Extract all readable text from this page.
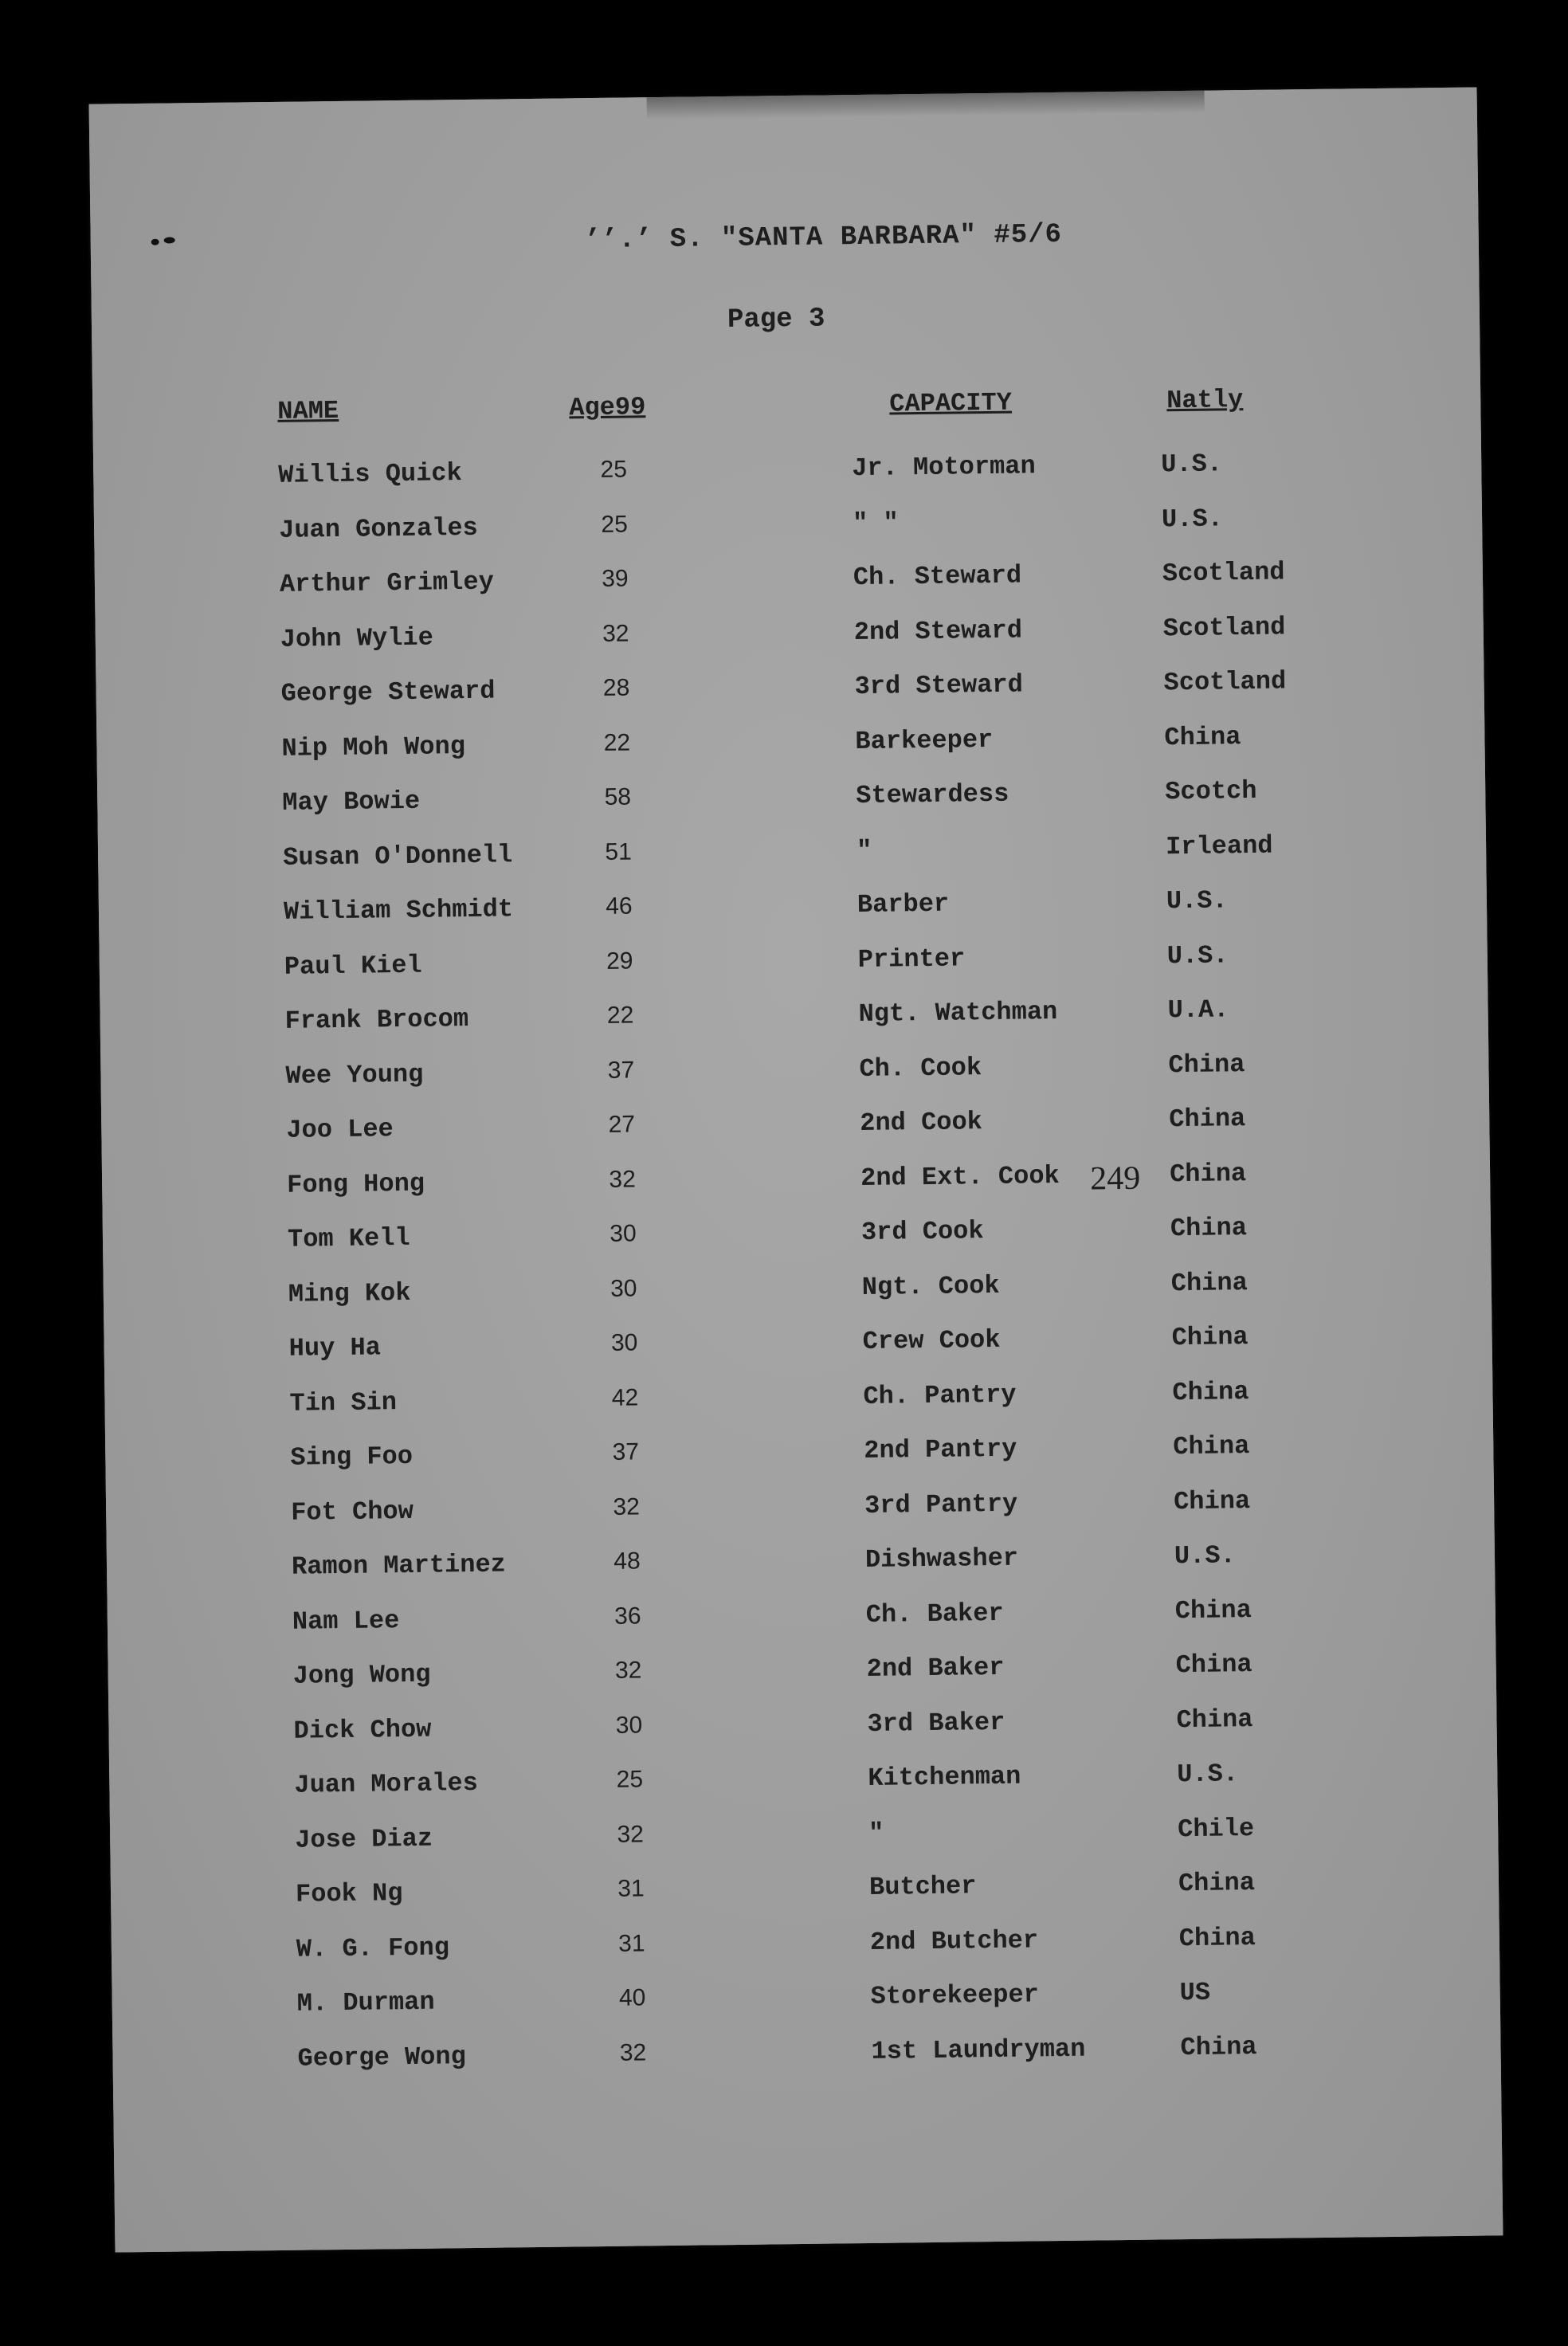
’’.’ S. "SANTA BARBARA" #5/6
Page 3
NAME	Age99	CAPACITY	Natly
Willis Quick	25	Jr. Motorman	U.S.
Juan Gonzales	25	" "	U.S.
Arthur Grimley	39	Ch. Steward	Scotland
John Wylie	32	2nd Steward	Scotland
George Steward	28	3rd Steward	Scotland
Nip Moh Wong	22	Barkeeper	China
May Bowie	58	Stewardess	Scotch
Susan O'Donnell	51	"	Irleand
William Schmidt	46	Barber	U.S.
Paul Kiel	29	Printer	U.S.
Frank Brocom	22	Ngt. Watchman	U.A.
Wee Young	37	Ch. Cook	China
Joo Lee	27	2nd Cook	China
Fong Hong	32	2nd Ext. Cook	China
Tom Kell	30	3rd Cook	China
Ming Kok	30	Ngt. Cook	China
Huy Ha	30	Crew Cook	China
Tin Sin	42	Ch. Pantry	China
Sing Foo	37	2nd Pantry	China
Fot Chow	32	3rd Pantry	China
Ramon Martinez	48	Dishwasher	U.S.
Nam Lee	36	Ch. Baker	China
Jong Wong	32	2nd Baker	China
Dick Chow	30	3rd Baker	China
Juan Morales	25	Kitchenman	U.S.
Jose Diaz	32	"	Chile
Fook Ng	31	Butcher	China
W. G. Fong	31	2nd Butcher	China
M. Durman	40	Storekeeper	US
George Wong	32	1st Laundryman	China
249
